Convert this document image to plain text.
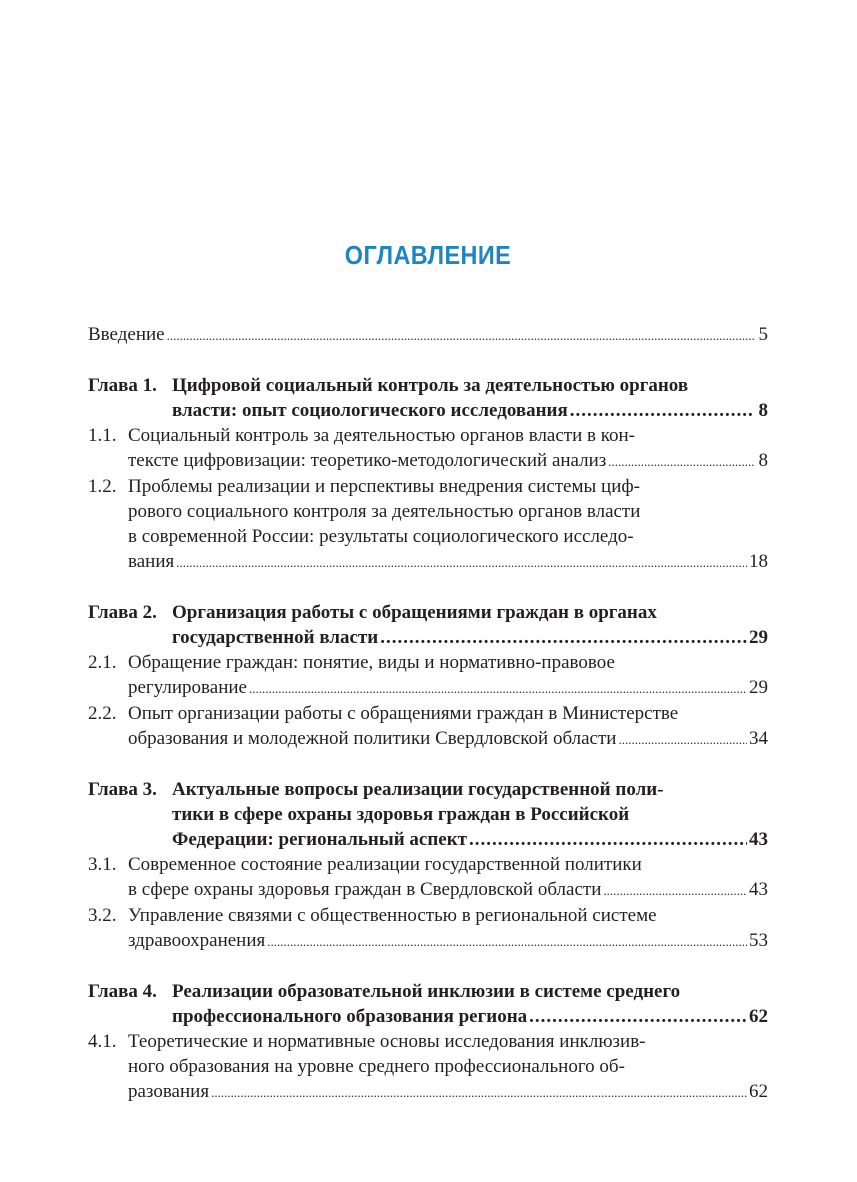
ОГЛАВЛЕНИЕ
Введение .....	5
Глава 1. Цифровой социальный контроль за деятельностью органов
власти: опыт социологического исследования .....	8
1.1. Социальный контроль за деятельностью органов власти в кон-
тексте цифровизации: теоретико-методологический анализ .....	8
1.2. Проблемы реализации и перспективы внедрения системы циф-
рового социального контроля за деятельностью органов власти
в современной России: результаты социологического исследо-
вания .....	18
Глава 2. Организация работы с обращениями граждан в органах
государственной власти .....	29
2.1. Обращение граждан: понятие, виды и нормативно-правовое
регулирование .....	29
2.2. Опыт организации работы с обращениями граждан в Министерстве
образования и молодежной политики Свердловской области .....	34
Глава 3. Актуальные вопросы реализации государственной поли-
тики в сфере охраны здоровья граждан в Российской
Федерации: региональный аспект .....	43
3.1. Современное состояние реализации государственной политики
в сфере охраны здоровья граждан в Свердловской области .....	43
3.2. Управление связями с общественностью в региональной системе
здравоохранения .....	53
Глава 4. Реализации образовательной инклюзии в системе среднего
профессионального образования региона .....	62
4.1. Теоретические и нормативные основы исследования инклюзив-
ного образования на уровне среднего профессионального об-
разования .....	62
